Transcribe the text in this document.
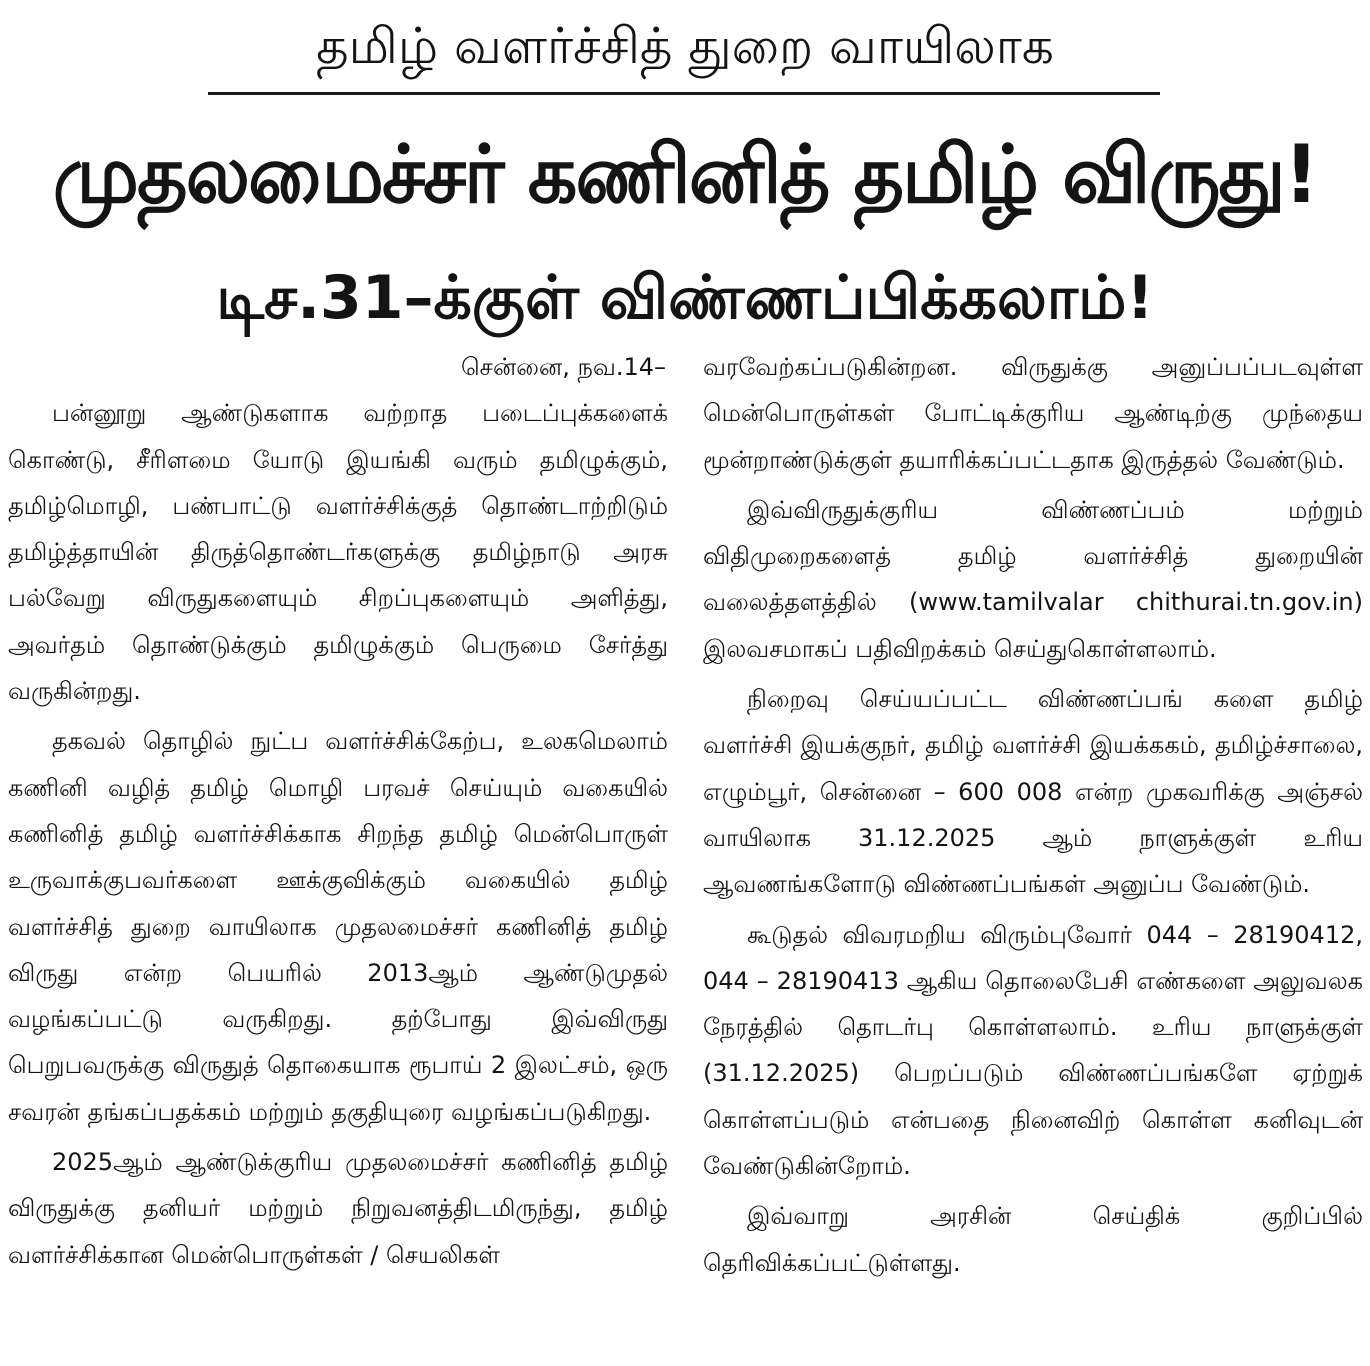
தமிழ் வளர்ச்சித் துறை வாயிலாக
முதலமைச்சர் கணினித் தமிழ் விருது!
டிச.31–க்குள் விண்ணப்பிக்கலாம்!

சென்னை, நவ.14–

பன்னூறு ஆண்டுகளாக வற்றாத படைப்புக்களைக் கொண்டு, சீரிளமை யோடு இயங்கி வரும் தமிழுக்கும், தமிழ்மொழி, பண்பாட்டு வளர்ச்சிக்குத் தொண்டாற்றிடும் தமிழ்த்தாயின் திருத்தொண்டர்களுக்கு தமிழ்நாடு அரசு பல்வேறு விருதுகளையும் சிறப்புகளையும் அளித்து, அவர்தம் தொண்டுக்கும் தமிழுக்கும் பெருமை சேர்த்து வருகின்றது.

தகவல் தொழில் நுட்ப வளர்ச்சிக்கேற்ப, உலகமெலாம் கணினி வழித் தமிழ் மொழி பரவச் செய்யும் வகையில் கணினித் தமிழ் வளர்ச்சிக்காக சிறந்த தமிழ் மென்பொருள் உருவாக்குபவர்களை ஊக்குவிக்கும் வகையில் தமிழ் வளர்ச்சித் துறை வாயிலாக முதலமைச்சர் கணினித் தமிழ் விருது என்ற பெயரில் 2013ஆம் ஆண்டுமுதல் வழங்கப்பட்டு வருகிறது. தற்போது இவ்விருது பெறுபவருக்கு விருதுத் தொகையாக ரூபாய் 2 இலட்சம், ஒரு சவரன் தங்கப்பதக்கம் மற்றும் தகுதியுரை வழங்கப்படுகிறது.

2025ஆம் ஆண்டுக்குரிய முதலமைச்சர் கணினித் தமிழ் விருதுக்கு தனியர் மற்றும் நிறுவனத்திடமிருந்து, தமிழ் வளர்ச்சிக்கான மென்பொருள்கள் / செயலிகள்

வரவேற்கப்படுகின்றன. விருதுக்கு அனுப்பப்படவுள்ள மென்பொருள்கள் போட்டிக்குரிய ஆண்டிற்கு முந்தைய மூன்றாண்டுக்குள் தயாரிக்கப்பட்டதாக இருத்தல் வேண்டும்.

இவ்விருதுக்குரிய விண்ணப்பம் மற்றும் விதிமுறைகளைத் தமிழ் வளர்ச்சித் துறையின் வலைத்தளத்தில் (www.tamilvalar chithurai.tn.gov.in) இலவசமாகப் பதிவிறக்கம் செய்துகொள்ளலாம்.

நிறைவு செய்யப்பட்ட விண்ணப்பங் களை தமிழ் வளர்ச்சி இயக்குநர், தமிழ் வளர்ச்சி இயக்ககம், தமிழ்ச்சாலை, எழும்பூர், சென்னை – 600 008 என்ற முகவரிக்கு அஞ்சல் வாயிலாக 31.12.2025 ஆம் நாளுக்குள் உரிய ஆவணங்களோடு விண்ணப்பங்கள் அனுப்ப வேண்டும்.

கூடுதல் விவரமறிய விரும்புவோர் 044 – 28190412, 044 – 28190413 ஆகிய தொலைபேசி எண்களை அலுவலக நேரத்தில் தொடர்பு கொள்ளலாம். உரிய நாளுக்குள் (31.12.2025) பெறப்படும் விண்ணப்பங்களே ஏற்றுக் கொள்ளப்படும் என்பதை நினைவிற் கொள்ள கனிவுடன் வேண்டுகின்றோம்.

இவ்வாறு அரசின் செய்திக் குறிப்பில் தெரிவிக்கப்பட்டுள்ளது.
